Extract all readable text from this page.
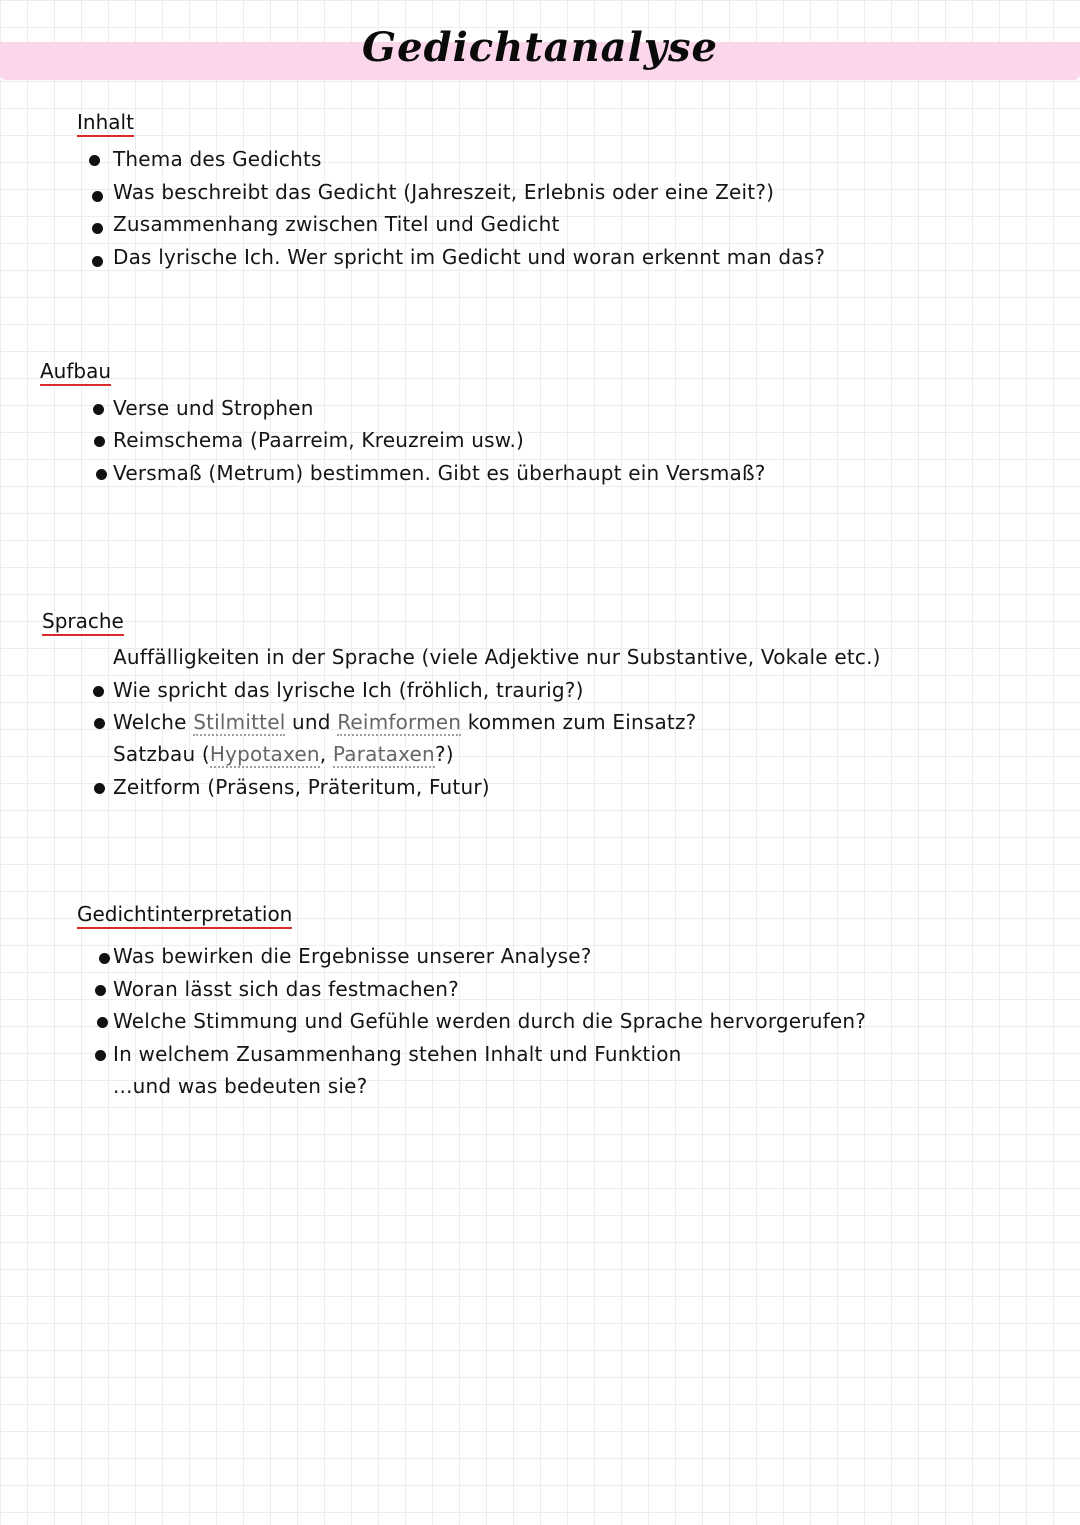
Gedichtanalyse
Inhalt
Thema des Gedichts
Was beschreibt das Gedicht (Jahreszeit, Erlebnis oder eine Zeit?)
Zusammenhang zwischen Titel und Gedicht
Das lyrische Ich. Wer spricht im Gedicht und woran erkennt man das?
Aufbau
Verse und Strophen
Reimschema (Paarreim, Kreuzreim usw.)
Versmaß (Metrum) bestimmen. Gibt es überhaupt ein Versmaß?
Sprache
Auffälligkeiten in der Sprache (viele Adjektive nur Substantive, Vokale etc.)
Wie spricht das lyrische Ich (fröhlich, traurig?)
Welche Stilmittel und Reimformen kommen zum Einsatz?
Satzbau (Hypotaxen, Parataxen?)
Zeitform (Präsens, Präteritum, Futur)
Gedichtinterpretation
Was bewirken die Ergebnisse unserer Analyse?
Woran lässt sich das festmachen?
Welche Stimmung und Gefühle werden durch die Sprache hervorgerufen?
In welchem Zusammenhang stehen Inhalt und Funktion
...und was bedeuten sie?
